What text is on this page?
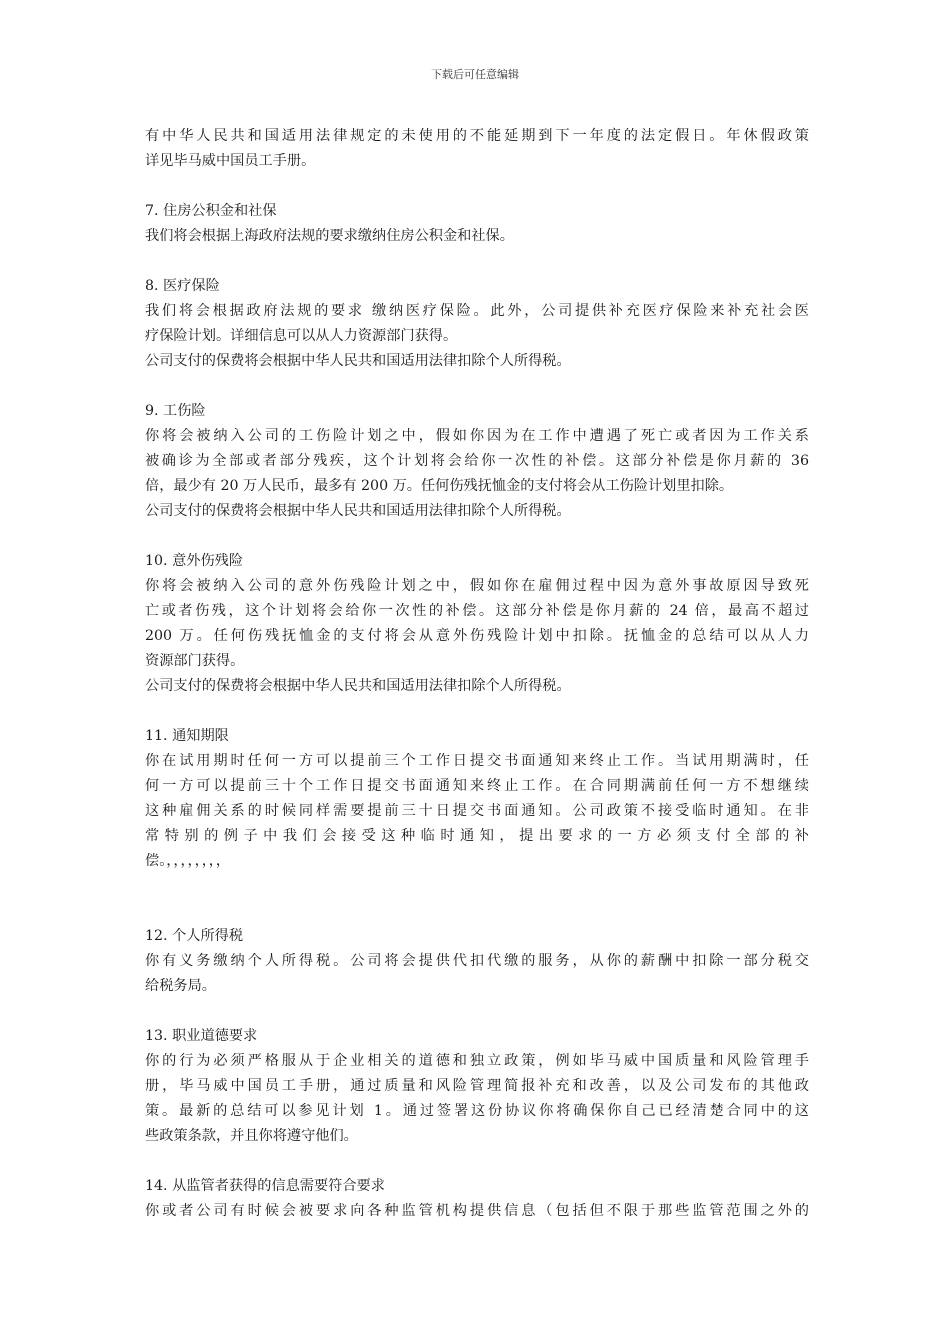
下载后可任意编辑
有中华人民共和国适用法律规定的未使用的不能延期到下一年度的法定假日。年休假政策
详见毕马威中国员工手册。
7. 住房公积金和社保
我们将会根据上海政府法规的要求缴纳住房公积金和社保。
8. 医疗保险
我们将会根据政府法规的要求 缴纳医疗保险。此外，公司提供补充医疗保险来补充社会医
疗保险计划。详细信息可以从人力资源部门获得。
公司支付的保费将会根据中华人民共和国适用法律扣除个人所得税。
9. 工伤险
你将会被纳入公司的工伤险计划之中，假如你因为在工作中遭遇了死亡或者因为工作关系
被确诊为全部或者部分残疾，这个计划将会给你一次性的补偿。这部分补偿是你月薪的 36
倍，最少有 20 万人民币，最多有 200 万。任何伤残抚恤金的支付将会从工伤险计划里扣除。
公司支付的保费将会根据中华人民共和国适用法律扣除个人所得税。
10. 意外伤残险
你将会被纳入公司的意外伤残险计划之中，假如你在雇佣过程中因为意外事故原因导致死
亡或者伤残，这个计划将会给你一次性的补偿。这部分补偿是你月薪的 24 倍，最高不超过
200 万。任何伤残抚恤金的支付将会从意外伤残险计划中扣除。抚恤金的总结可以从人力
资源部门获得。
公司支付的保费将会根据中华人民共和国适用法律扣除个人所得税。
11. 通知期限
你在试用期时任何一方可以提前三个工作日提交书面通知来终止工作。当试用期满时，任
何一方可以提前三十个工作日提交书面通知来终止工作。在合同期满前任何一方不想继续
这种雇佣关系的时候同样需要提前三十日提交书面通知。公司政策不接受临时通知。在非
常特别的例子中我们会接受这种临时通知，提出要求的一方必须支付全部的补
偿。，，，，，，，，
12. 个人所得税
你有义务缴纳个人所得税。公司将会提供代扣代缴的服务，从你的薪酬中扣除一部分税交
给税务局。
13. 职业道德要求
你的行为必须严格服从于企业相关的道德和独立政策，例如毕马威中国质量和风险管理手
册，毕马威中国员工手册，通过质量和风险管理简报补充和改善，以及公司发布的其他政
策。最新的总结可以参见计划 1。通过签署这份协议你将确保你自己已经清楚合同中的这
些政策条款，并且你将遵守他们。
14. 从监管者获得的信息需要符合要求
你或者公司有时候会被要求向各种监管机构提供信息（包括但不限于那些监管范围之外的
